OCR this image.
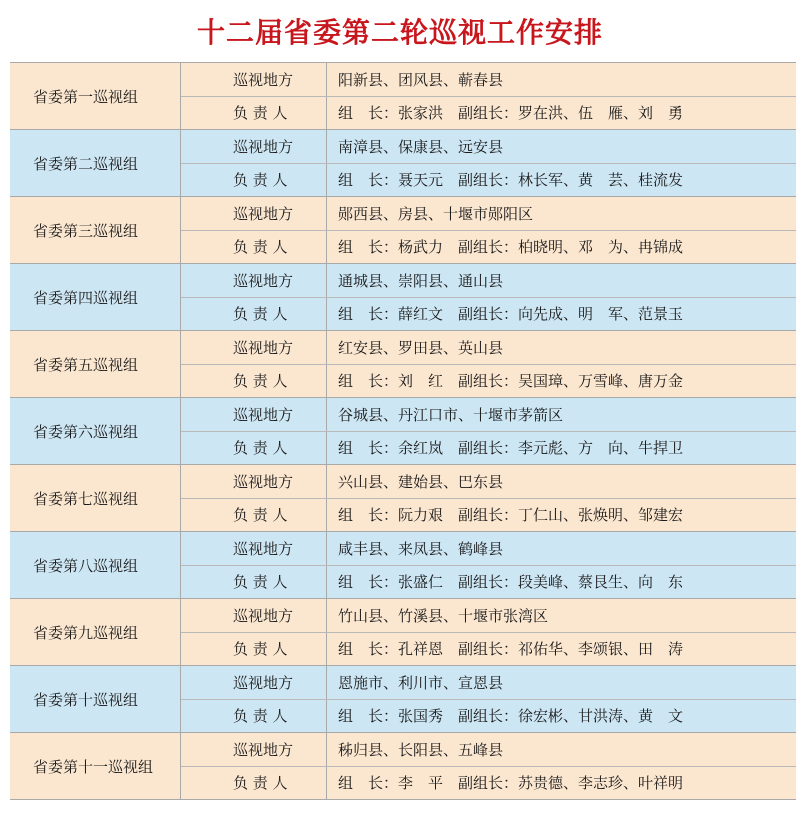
十二届省委第二轮巡视工作安排
省委第一巡视组
巡视地方	阳新县、团风县、蕲春县
负 责 人	组　长：张家洪　副组长：罗在洪、伍　雁、刘　勇
省委第二巡视组
巡视地方	南漳县、保康县、远安县
负 责 人	组　长：聂天元　副组长：林长军、黄　芸、桂流发
省委第三巡视组
巡视地方	郧西县、房县、十堰市郧阳区
负 责 人	组　长：杨武力　副组长：柏晓明、邓　为、冉锦成
省委第四巡视组
巡视地方	通城县、崇阳县、通山县
负 责 人	组　长：薛红文　副组长：向先成、明　军、范景玉
省委第五巡视组
巡视地方	红安县、罗田县、英山县
负 责 人	组　长：刘　红　副组长：吴国璋、万雪峰、唐万金
省委第六巡视组
巡视地方	谷城县、丹江口市、十堰市茅箭区
负 责 人	组　长：余红岚　副组长：李元彪、方　向、牛捍卫
省委第七巡视组
巡视地方	兴山县、建始县、巴东县
负 责 人	组　长：阮力艰　副组长：丁仁山、张焕明、邹建宏
省委第八巡视组
巡视地方	咸丰县、来凤县、鹤峰县
负 责 人	组　长：张盛仁　副组长：段美峰、蔡艮生、向　东
省委第九巡视组
巡视地方	竹山县、竹溪县、十堰市张湾区
负 责 人	组　长：孔祥恩　副组长：祁佑华、李颂银、田　涛
省委第十巡视组
巡视地方	恩施市、利川市、宣恩县
负 责 人	组　长：张国秀　副组长：徐宏彬、甘洪涛、黄　文
省委第十一巡视组
巡视地方	秭归县、长阳县、五峰县
负 责 人	组　长：李　平　副组长：苏贵德、李志珍、叶祥明
